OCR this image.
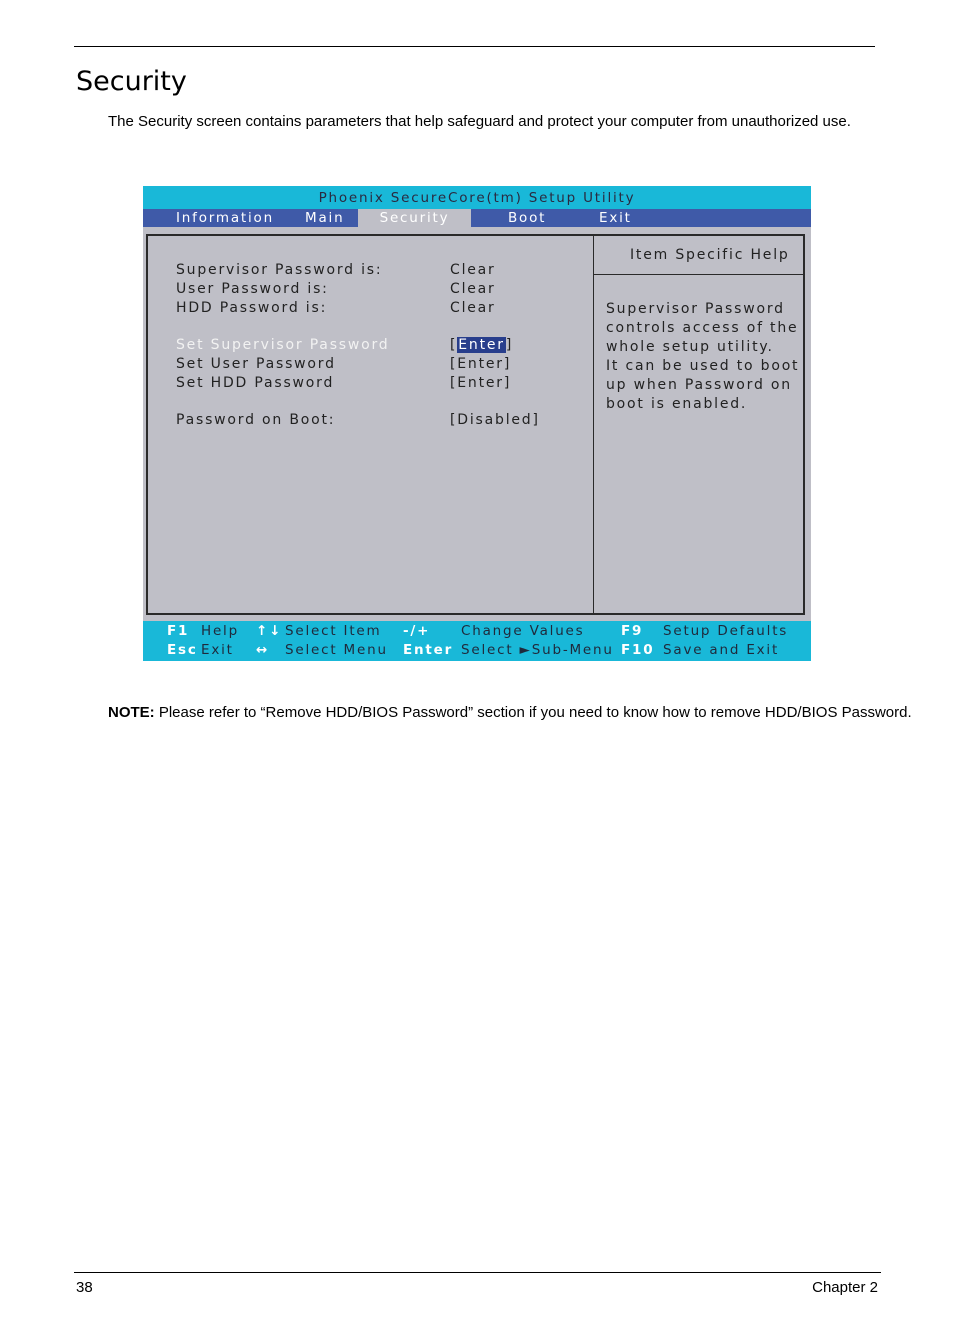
Security

The Security screen contains parameters that help safeguard and protect your computer from unauthorized use.

Phoenix SecureCore(tm) Setup Utility
Information Main	Security	Boot	Exit
Supervisor Password is:	Clear
User Password is:	Clear
HDD Password is:	Clear
Set Supervisor Password	[Enter]
Set User Password	[Enter]
Set HDD Password	[Enter]
Password on Boot:	[Disabled]
Item Specific Help
Supervisor Password
controls access of the
whole setup utility.
It can be used to boot
up when Password on
boot is enabled.
F1 Help ↑↓ Select Item -/+ Change Values	F9 Setup Defaults
Esc Exit ↔ Select Menu Enter Select ►Sub-Menu F10 Save and Exit

NOTE: Please refer to “Remove HDD/BIOS Password” section if you need to know how to remove HDD/BIOS Password.

38	Chapter 2
